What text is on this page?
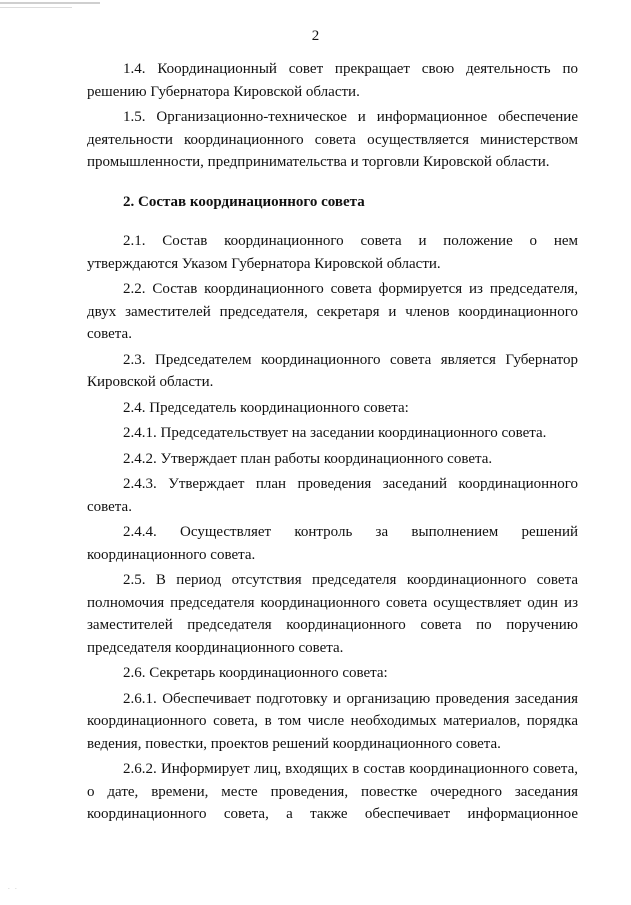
2

1.4. Координационный совет прекращает свою деятельность по решению Губернатора Кировской области.

1.5. Организационно-техническое и информационное обеспечение деятельности координационного совета осуществляется министерством промышленности, предпринимательства и торговли Кировской области.

2. Состав координационного совета

2.1. Состав координационного совета и положение о нем утверждаются Указом Губернатора Кировской области.

2.2. Состав координационного совета формируется из председателя, двух заместителей председателя, секретаря и членов координационного совета.

2.3. Председателем координационного совета является Губернатор Кировской области.

2.4. Председатель координационного совета:

2.4.1. Председательствует на заседании координационного совета.

2.4.2. Утверждает план работы координационного совета.

2.4.3. Утверждает план проведения заседаний координационного совета.

2.4.4. Осуществляет контроль за выполнением решений координационного совета.

2.5. В период отсутствия председателя координационного совета полномочия председателя координационного совета осуществляет один из заместителей председателя координационного совета по поручению председателя координационного совета.

2.6. Секретарь координационного совета:

2.6.1. Обеспечивает подготовку и организацию проведения заседания координационного совета, в том числе необходимых материалов, порядка ведения, повестки, проектов решений координационного совета.

2.6.2. Информирует лиц, входящих в состав координационного совета, о дате, времени, месте проведения, повестке очередного заседания координационного совета, а также обеспечивает информационное

.   .
